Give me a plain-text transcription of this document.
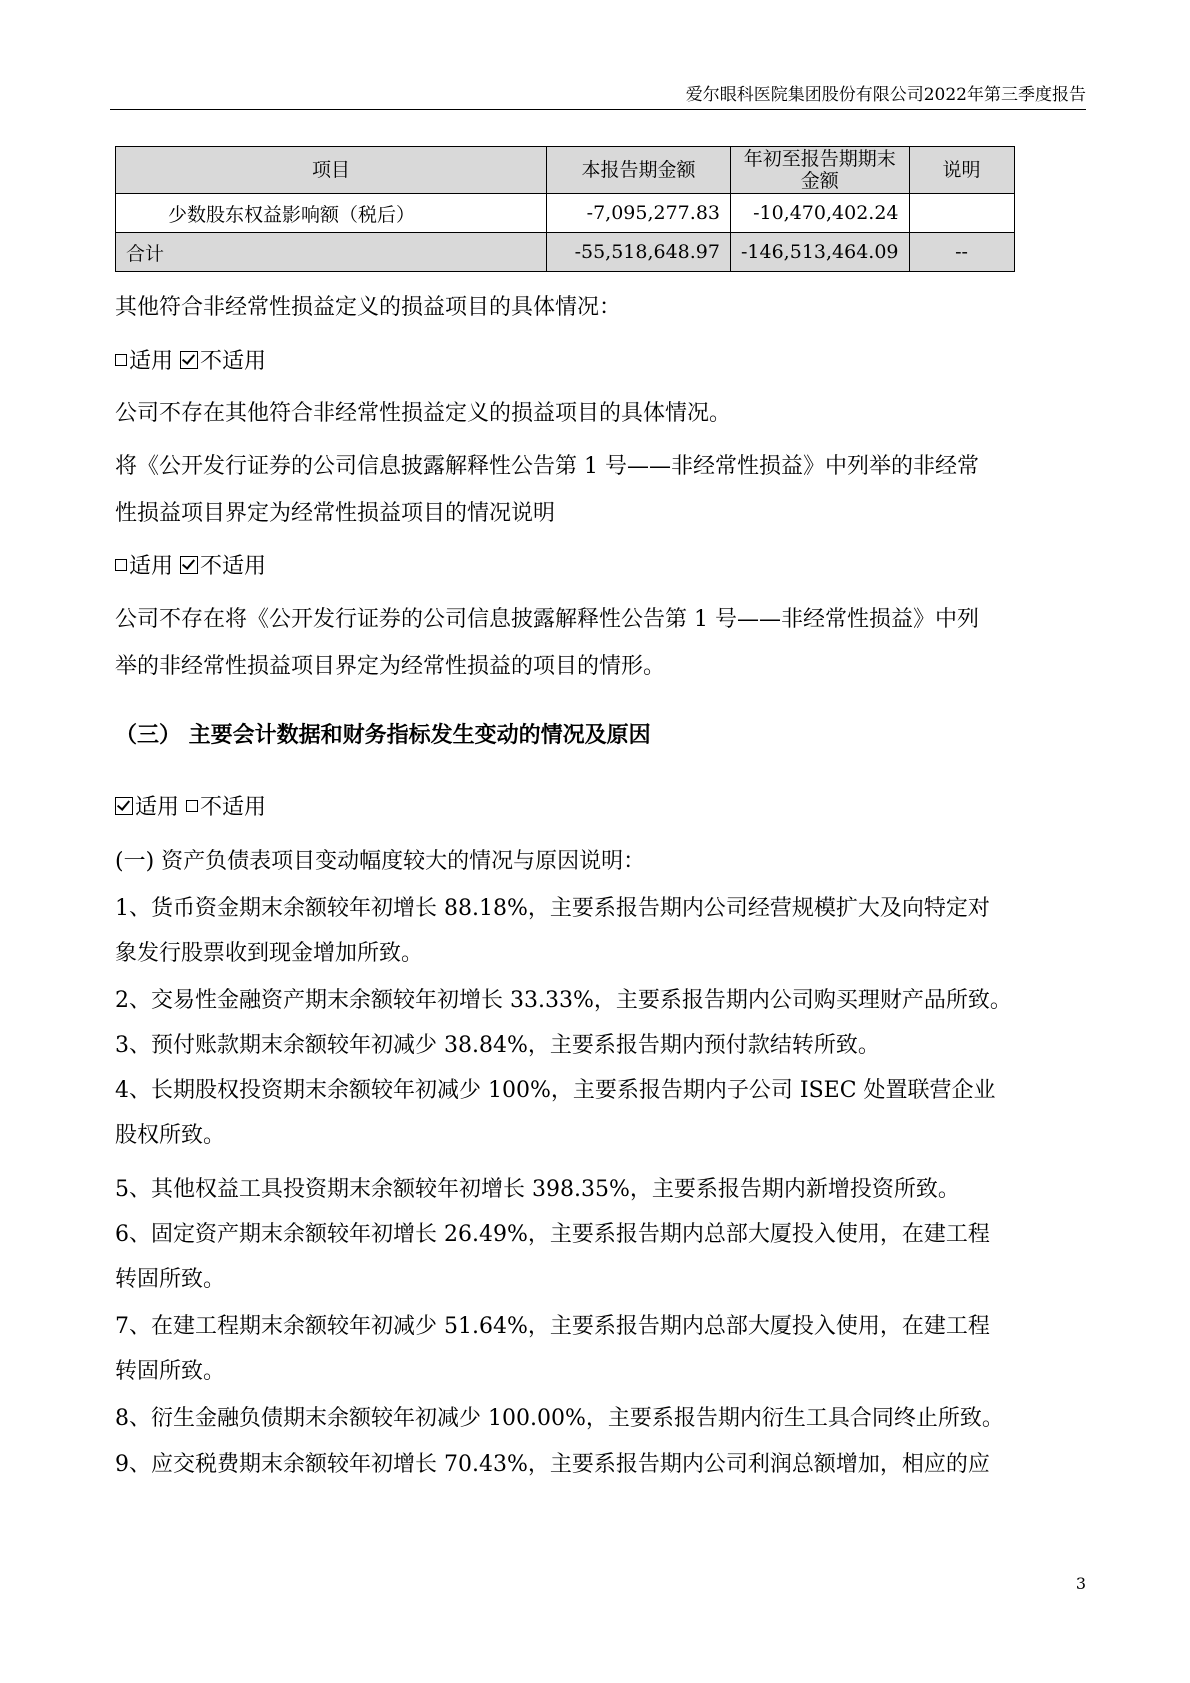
爱尔眼科医院集团股份有限公司2022年第三季度报告
项目	本报告期金额	年初至报告期期末金额	说明
少数股东权益影响额（税后）	-7,095,277.83	-10,470,402.24	
合计	-55,518,648.97	-146,513,464.09	--

其他符合非经常性损益定义的损益项目的具体情况：

适用 不适用

公司不存在其他符合非经常性损益定义的损益项目的具体情况。

将《公开发行证券的公司信息披露解释性公告第 1 号——非经常性损益》中列举的非经常

性损益项目界定为经常性损益项目的情况说明

适用 不适用

公司不存在将《公开发行证券的公司信息披露解释性公告第 1 号——非经常性损益》中列

举的非经常性损益项目界定为经常性损益的项目的情形。

（三） 主要会计数据和财务指标发生变动的情况及原因

适用 不适用

(一) 资产负债表项目变动幅度较大的情况与原因说明：

1、货币资金期末余额较年初增长 88.18%，主要系报告期内公司经营规模扩大及向特定对

象发行股票收到现金增加所致。

2、交易性金融资产期末余额较年初增长 33.33%，主要系报告期内公司购买理财产品所致。

3、预付账款期末余额较年初减少 38.84%，主要系报告期内预付款结转所致。

4、长期股权投资期末余额较年初减少 100%，主要系报告期内子公司 ISEC 处置联营企业

股权所致。

5、其他权益工具投资期末余额较年初增长 398.35%，主要系报告期内新增投资所致。

6、固定资产期末余额较年初增长 26.49%，主要系报告期内总部大厦投入使用，在建工程

转固所致。

7、在建工程期末余额较年初减少 51.64%，主要系报告期内总部大厦投入使用，在建工程

转固所致。

8、衍生金融负债期末余额较年初减少 100.00%，主要系报告期内衍生工具合同终止所致。

9、应交税费期末余额较年初增长 70.43%，主要系报告期内公司利润总额增加，相应的应

3
